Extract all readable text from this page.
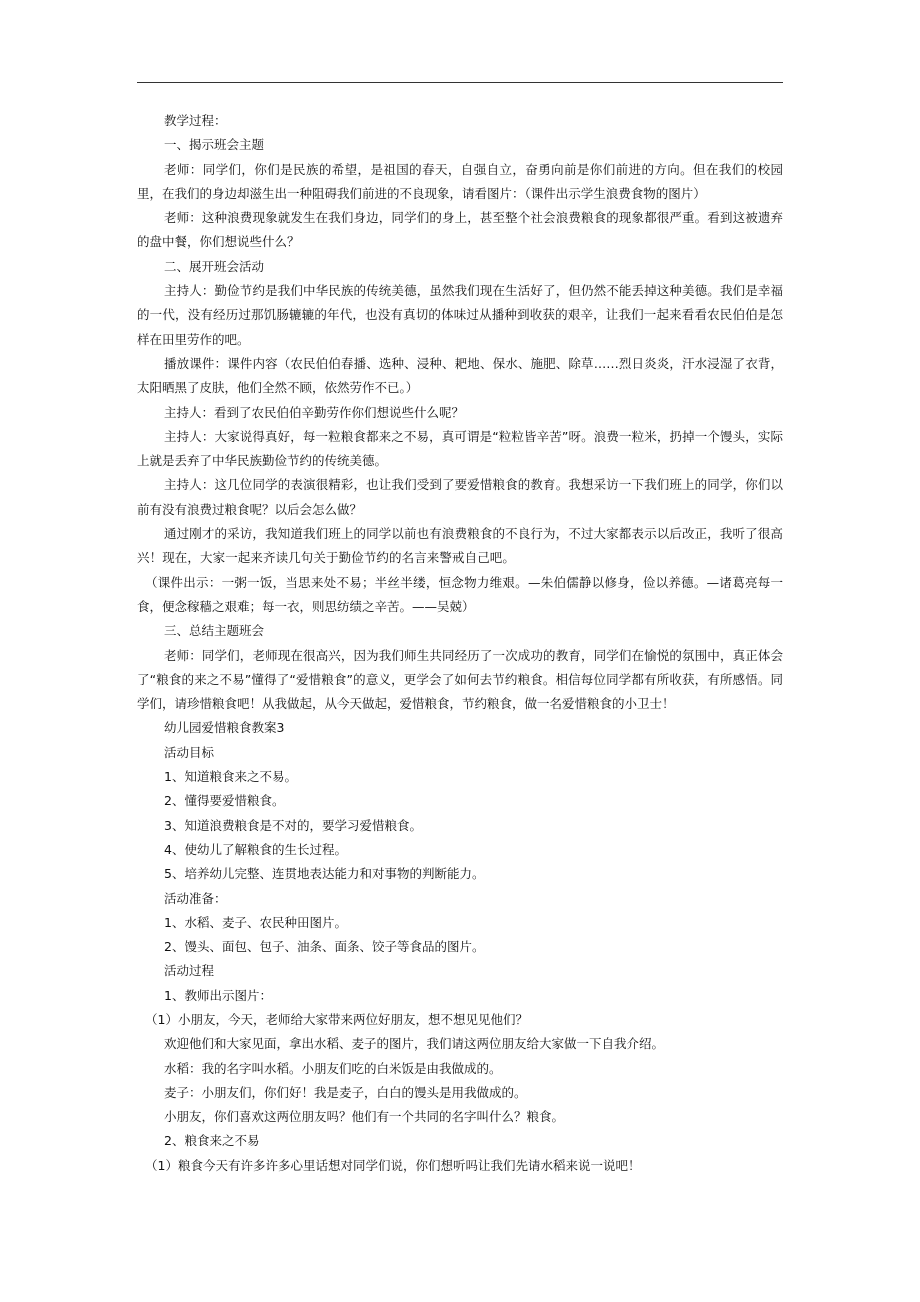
教学过程：

一、揭示班会主题

老师：同学们，你们是民族的希望，是祖国的春天，自强自立，奋勇向前是你们前进的方向。但在我们的校园里，在我们的身边却滋生出一种阻碍我们前进的不良现象，请看图片：（课件出示学生浪费食物的图片）

老师：这种浪费现象就发生在我们身边，同学们的身上，甚至整个社会浪费粮食的现象都很严重。看到这被遗弃的盘中餐，你们想说些什么？

二、展开班会活动

主持人：勤俭节约是我们中华民族的传统美德，虽然我们现在生活好了，但仍然不能丢掉这种美德。我们是幸福的一代，没有经历过那饥肠辘辘的年代，也没有真切的体味过从播种到收获的艰辛，让我们一起来看看农民伯伯是怎样在田里劳作的吧。

播放课件：课件内容（农民伯伯春播、选种、浸种、耙地、保水、施肥、除草……烈日炎炎，汗水浸湿了衣背，太阳晒黑了皮肤，他们全然不顾，依然劳作不已。）

主持人：看到了农民伯伯辛勤劳作你们想说些什么呢？

主持人：大家说得真好，每一粒粮食都来之不易，真可谓是“粒粒皆辛苦”呀。浪费一粒米，扔掉一个馒头，实际上就是丢弃了中华民族勤俭节约的传统美德。

主持人：这几位同学的表演很精彩，也让我们受到了要爱惜粮食的教育。我想采访一下我们班上的同学，你们以前有没有浪费过粮食呢？以后会怎么做？

通过刚才的采访，我知道我们班上的同学以前也有浪费粮食的不良行为，不过大家都表示以后改正，我听了很高兴！现在，大家一起来齐读几句关于勤俭节约的名言来警戒自己吧。

（课件出示：一粥一饭，当思来处不易；半丝半缕，恒念物力维艰。—朱伯儒静以修身，俭以养德。—诸葛亮每一食，便念稼穑之艰难；每一衣，则思纺绩之辛苦。——吴兢）

三、总结主题班会

老师：同学们，老师现在很高兴，因为我们师生共同经历了一次成功的教育，同学们在愉悦的氛围中，真正体会了“粮食的来之不易”懂得了“爱惜粮食”的意义，更学会了如何去节约粮食。相信每位同学都有所收获，有所感悟。同学们，请珍惜粮食吧！从我做起，从今天做起，爱惜粮食，节约粮食，做一名爱惜粮食的小卫士！

幼儿园爱惜粮食教案3

活动目标

1、知道粮食来之不易。

2、懂得要爱惜粮食。

3、知道浪费粮食是不对的，要学习爱惜粮食。

4、使幼儿了解粮食的生长过程。

5、培养幼儿完整、连贯地表达能力和对事物的判断能力。

活动准备：

1、水稻、麦子、农民种田图片。

2、馒头、面包、包子、油条、面条、饺子等食品的图片。

活动过程

1、教师出示图片：

（1）小朋友，今天，老师给大家带来两位好朋友，想不想见见他们？

欢迎他们和大家见面，拿出水稻、麦子的图片，我们请这两位朋友给大家做一下自我介绍。

水稻：我的名字叫水稻。小朋友们吃的白米饭是由我做成的。

麦子：小朋友们，你们好！我是麦子，白白的馒头是用我做成的。

小朋友，你们喜欢这两位朋友吗？他们有一个共同的名字叫什么？粮食。

2、粮食来之不易

（1）粮食今天有许多许多心里话想对同学们说，你们想听吗让我们先请水稻来说一说吧！
